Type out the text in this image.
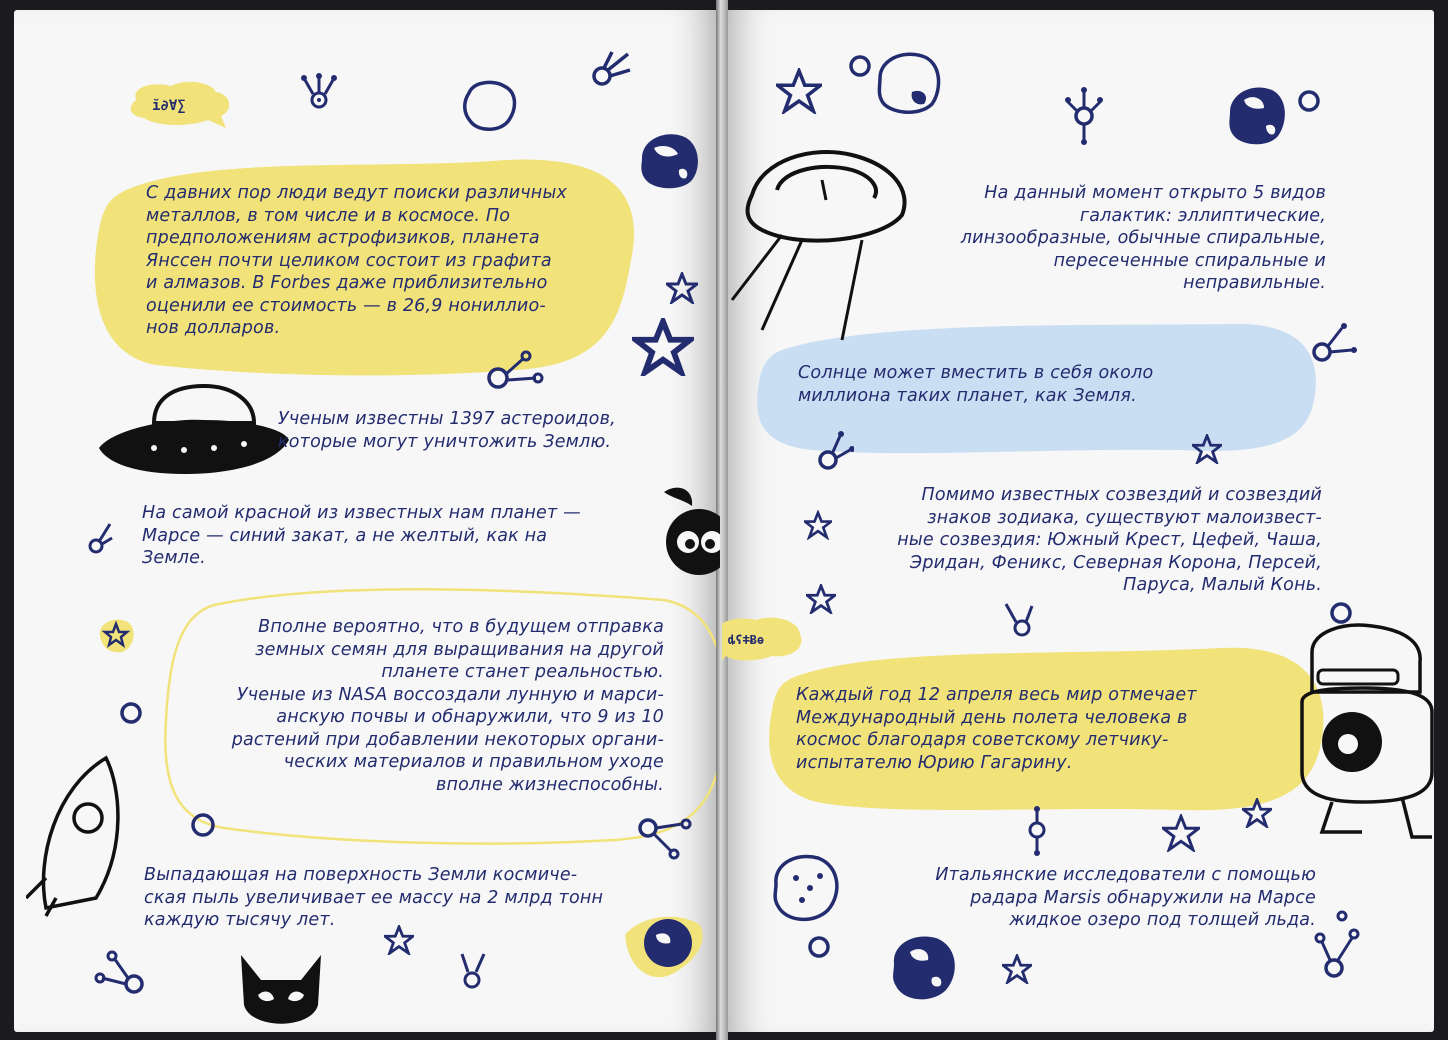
ĭ∂Ɐ∑

С давних пор люди ведут поиски различных
металлов, в том числе и в космосе. По
предположениям астрофизиков, планета
Янссен почти целиком состоит из графита
и алмазов. В Forbes даже приблизительно
оценили ее стоимость — в 26,9 нониллио-
нов долларов.

Ученым известны 1397 астероидов,
которые могут уничтожить Землю.

На самой красной из известных нам планет —
Марсе — синий закат, а не желтый, как на
Земле.

Вполне вероятно, что в будущем отправка
земных семян для выращивания на другой
планете станет реальностью.
Ученые из NASA воссоздали лунную и марси-
анскую почвы и обнаружили, что 9 из 10
растений при добавлении некоторых органи-
ческих материалов и правильном уходе
вполне жизнеспособны.

Выпадающая на поверхность Земли космиче-
ская пыль увеличивает ее массу на 2 млрд тонн
каждую тысячу лет.

ȡʕǂɃɵ

На данный момент открыто 5 видов
галактик: эллиптические,
линзообразные, обычные спиральные,
пересеченные спиральные и
неправильные.

Солнце может вместить в себя около
миллиона таких планет, как Земля.

Помимо известных созвездий и созвездий
знаков зодиака, существуют малоизвест-
ные созвездия: Южный Крест, Цефей, Чаша,
Эридан, Феникс, Северная Корона, Персей,
Паруса, Малый Конь.

Каждый год 12 апреля весь мир отмечает
Международный день полета человека в
космос благодаря советскому летчику-
испытателю Юрию Гагарину.

Итальянские исследователи с помощью
радара Marsis обнаружили на Марсе
жидкое озеро под толщей льда.
